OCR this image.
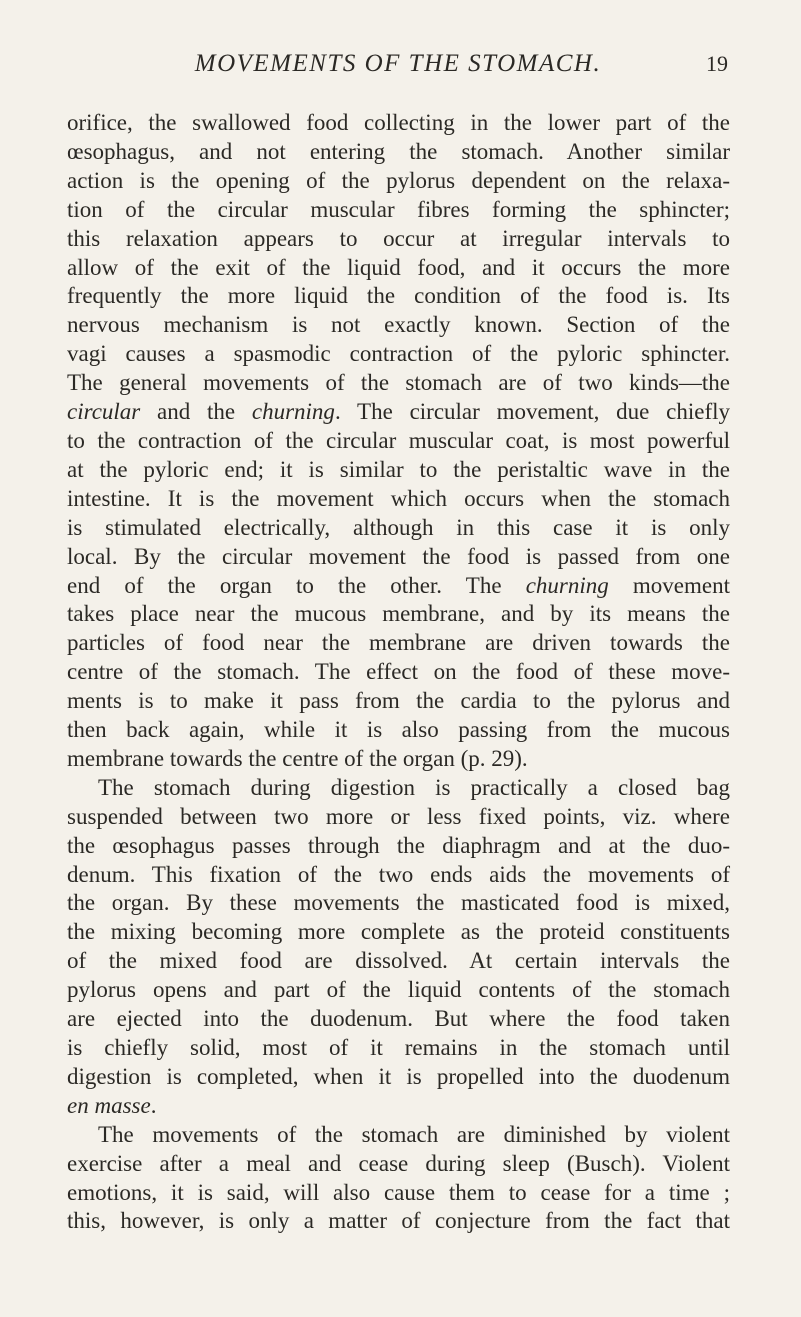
MOVEMENTS OF THE STOMACH.	19
orifice, the swallowed food collecting in the lower part of the
œsophagus, and not entering the stomach. Another similar
action is the opening of the pylorus dependent on the relaxa-
tion of the circular muscular fibres forming the sphincter;
this relaxation appears to occur at irregular intervals to
allow of the exit of the liquid food, and it occurs the more
frequently the more liquid the condition of the food is. Its
nervous mechanism is not exactly known. Section of the
vagi causes a spasmodic contraction of the pyloric sphincter.
The general movements of the stomach are of two kinds—the
circular and the churning. The circular movement, due chiefly
to the contraction of the circular muscular coat, is most powerful
at the pyloric end; it is similar to the peristaltic wave in the
intestine. It is the movement which occurs when the stomach
is stimulated electrically, although in this case it is only
local. By the circular movement the food is passed from one
end of the organ to the other. The churning movement
takes place near the mucous membrane, and by its means the
particles of food near the membrane are driven towards the
centre of the stomach. The effect on the food of these move-
ments is to make it pass from the cardia to the pylorus and
then back again, while it is also passing from the mucous
membrane towards the centre of the organ (p. 29).
The stomach during digestion is practically a closed bag
suspended between two more or less fixed points, viz. where
the œsophagus passes through the diaphragm and at the duo-
denum. This fixation of the two ends aids the movements of
the organ. By these movements the masticated food is mixed,
the mixing becoming more complete as the proteid constituents
of the mixed food are dissolved. At certain intervals the
pylorus opens and part of the liquid contents of the stomach
are ejected into the duodenum. But where the food taken
is chiefly solid, most of it remains in the stomach until
digestion is completed, when it is propelled into the duodenum
en masse.
The movements of the stomach are diminished by violent
exercise after a meal and cease during sleep (Busch). Violent
emotions, it is said, will also cause them to cease for a time ;
this, however, is only a matter of conjecture from the fact that
